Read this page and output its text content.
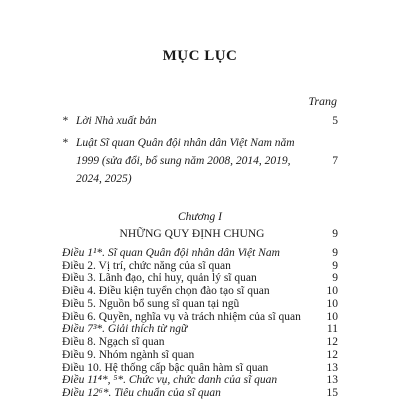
MỤC LỤC
Trang
* Lời Nhà xuất bản	5
* Luật Sĩ quan Quân đội nhân dân Việt Nam năm
1999 (sửa đổi, bổ sung năm 2008, 2014, 2019,
2024, 2025)
7
Chương I
NHỮNG QUY ĐỊNH CHUNG	9
Điều 1¹*. Sĩ quan Quân đội nhân dân Việt Nam	9
Điều 2. Vị trí, chức năng của sĩ quan	9
Điều 3. Lãnh đạo, chỉ huy, quản lý sĩ quan	9
Điều 4. Điều kiện tuyển chọn đào tạo sĩ quan	10
Điều 5. Nguồn bổ sung sĩ quan tại ngũ	10
Điều 6. Quyền, nghĩa vụ và trách nhiệm của sĩ quan 10
Điều 7³*. Giải thích từ ngữ	11
Điều 8. Ngạch sĩ quan	12
Điều 9. Nhóm ngành sĩ quan	12
Điều 10. Hệ thống cấp bậc quân hàm sĩ quan	13
Điều 11⁴*, ⁵*. Chức vụ, chức danh của sĩ quan	13
Điều 12⁶*. Tiêu chuẩn của sĩ quan	15
